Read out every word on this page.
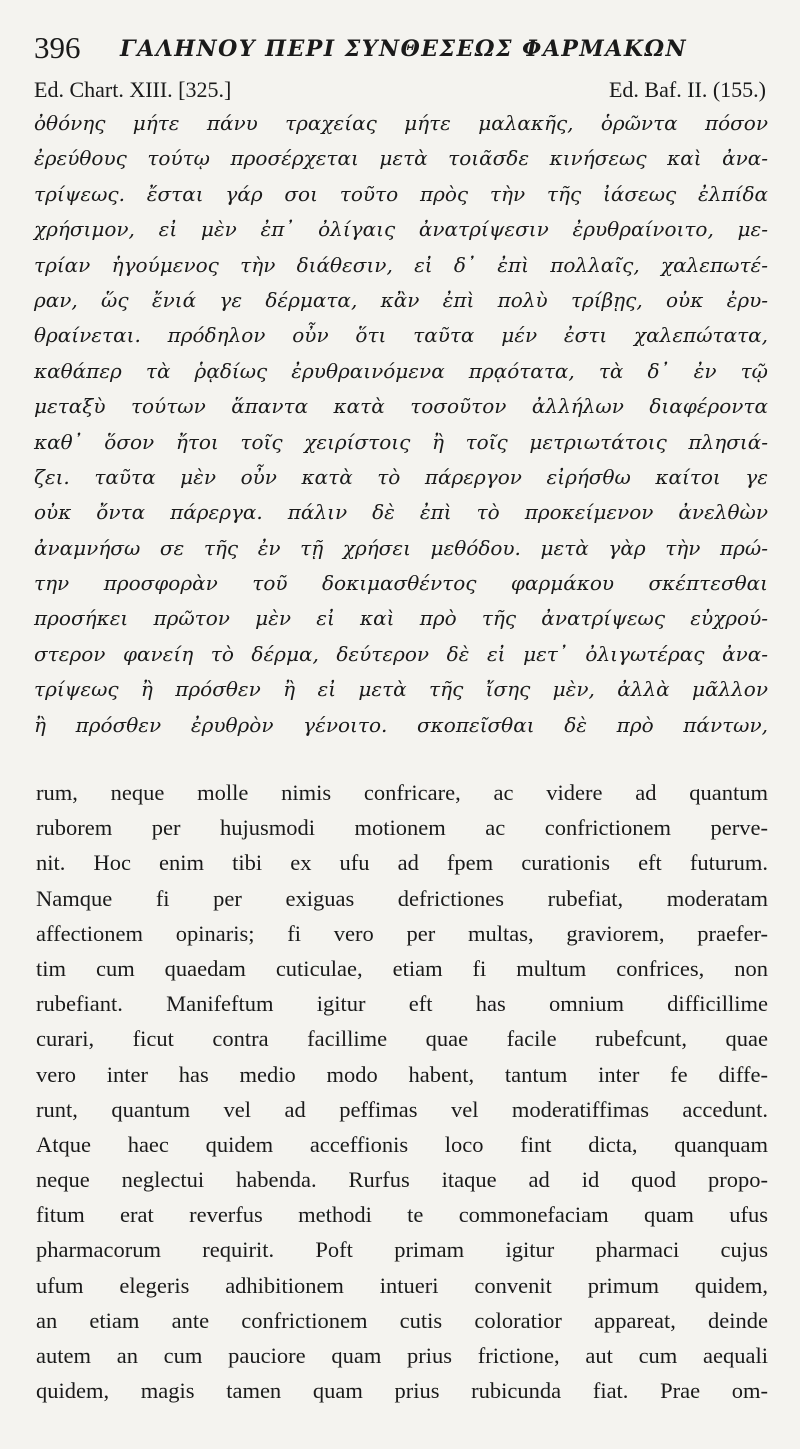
396 ΓΑΛΗΝΟΥ ΠΕΡΙ ΣΥΝΘΕΣΕΩΣ ΦΑΡΜΑΚΩΝ
Ed. Chart. XIII. [325.]	Ed. Baf. II. (155.)
ὀθόνης μήτε πάνυ τραχείας μήτε μαλακῆς, ὁρῶντα πόσον
ἐρεύθους τούτῳ προσέρχεται μετὰ τοιᾶσδε κινήσεως καὶ ἀνα-
τρίψεως. ἔσται γάρ σοι τοῦτο πρὸς τὴν τῆς ἰάσεως ἐλπίδα
χρήσιμον, εἰ μὲν ἐπ᾿ ὀλίγαις ἀνατρίψεσιν ἐρυθραίνοιτο, με-
τρίαν ἡγούμενος τὴν διάθεσιν, εἰ δ᾿ ἐπὶ πολλαῖς, χαλεπωτέ-
ραν, ὥς ἔνιά γε δέρματα, κἂν ἐπὶ πολὺ τρίβῃς, οὐκ ἐρυ-
θραίνεται. πρόδηλον οὖν ὅτι ταῦτα μέν ἐστι χαλεπώτατα,
καθάπερ τὰ ῥᾳδίως ἐρυθραινόμενα πρᾳότατα, τὰ δ᾿ ἐν τῷ
μεταξὺ τούτων ἅπαντα κατὰ τοσοῦτον ἀλλήλων διαφέροντα
καθ᾿ ὅσον ἤτοι τοῖς χειρίστοις ἢ τοῖς μετριωτάτοις πλησιά-
ζει. ταῦτα μὲν οὖν κατὰ τὸ πάρεργον εἰρήσθω καίτοι γε
οὐκ ὄντα πάρεργα. πάλιν δὲ ἐπὶ τὸ προκείμενον ἀνελθὼν
ἀναμνήσω σε τῆς ἐν τῇ χρήσει μεθόδου. μετὰ γὰρ τὴν πρώ-
την προσφορὰν τοῦ δοκιμασθέντος φαρμάκου σκέπτεσθαι
προσήκει πρῶτον μὲν εἰ καὶ πρὸ τῆς ἀνατρίψεως εὐχρού-
στερον φανείη τὸ δέρμα, δεύτερον δὲ εἰ μετ᾿ ὀλιγωτέρας ἀνα-
τρίψεως ἢ πρόσθεν ἢ εἰ μετὰ τῆς ἴσης μὲν, ἀλλὰ μᾶλλον
ἢ πρόσθεν ἐρυθρὸν γένοιτο. σκοπεῖσθαι δὲ πρὸ πάντων,
rum, neque molle nimis confricare, ac videre ad quantum
ruborem per hujusmodi motionem ac confrictionem perve-
nit. Hoc enim tibi ex ufu ad fpem curationis eft futurum.
Namque fi per exiguas defrictiones rubefiat, moderatam
affectionem opinaris; fi vero per multas, graviorem, praefer-
tim cum quaedam cuticulae, etiam fi multum confrices, non
rubefiant. Manifeftum igitur eft has omnium difficillime
curari, ficut contra facillime quae facile rubefcunt, quae
vero inter has medio modo habent, tantum inter fe diffe-
runt, quantum vel ad peffimas vel moderatiffimas accedunt.
Atque haec quidem acceffionis loco fint dicta, quanquam
neque neglectui habenda. Rurfus itaque ad id quod propo-
fitum erat reverfus methodi te commonefaciam quam ufus
pharmacorum requirit. Poft primam igitur pharmaci cujus
ufum elegeris adhibitionem intueri convenit primum quidem,
an etiam ante confrictionem cutis coloratior appareat, deinde
autem an cum pauciore quam prius frictione, aut cum aequali
quidem, magis tamen quam prius rubicunda fiat. Prae om-
